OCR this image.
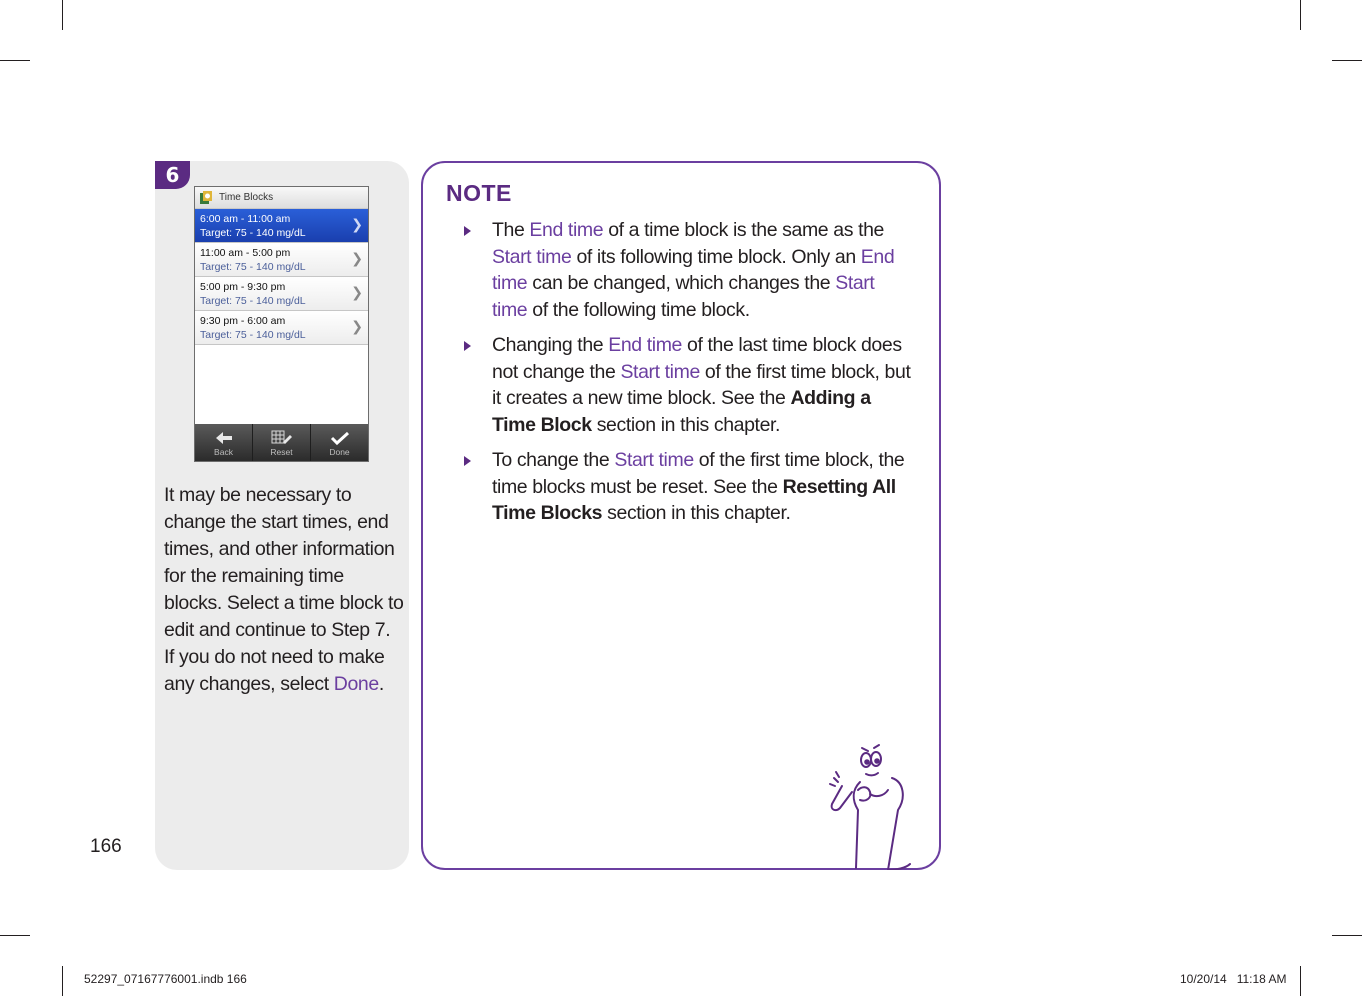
6
Time Blocks
6:00 am - 11:00 am
Target: 75 - 140 mg/dL	❯
11:00 am - 5:00 pm
Target: 75 - 140 mg/dL	❯
5:00 pm - 9:30 pm
Target: 75 - 140 mg/dL	❯
9:30 pm - 6:00 am
Target: 75 - 140 mg/dL	❯
Back	Reset	Done
It may be necessary to change the start times, end times, and other information for the remaining time blocks. Select a time block to edit and continue to Step 7. If you do not need to make any changes, select Done.
NOTE
The End time of a time block is the same as the Start time of its following time block. Only an End time can be changed, which changes the Start time of the following time block.
Changing the End time of the last time block does not change the Start time of the first time block, but it creates a new time block. See the Adding a Time Block section in this chapter.
To change the Start time of the first time block, the time blocks must be reset. See the Resetting All Time Blocks section in this chapter.
166
52297_07167776001.indb 166	10/20/14   11:18 AM
